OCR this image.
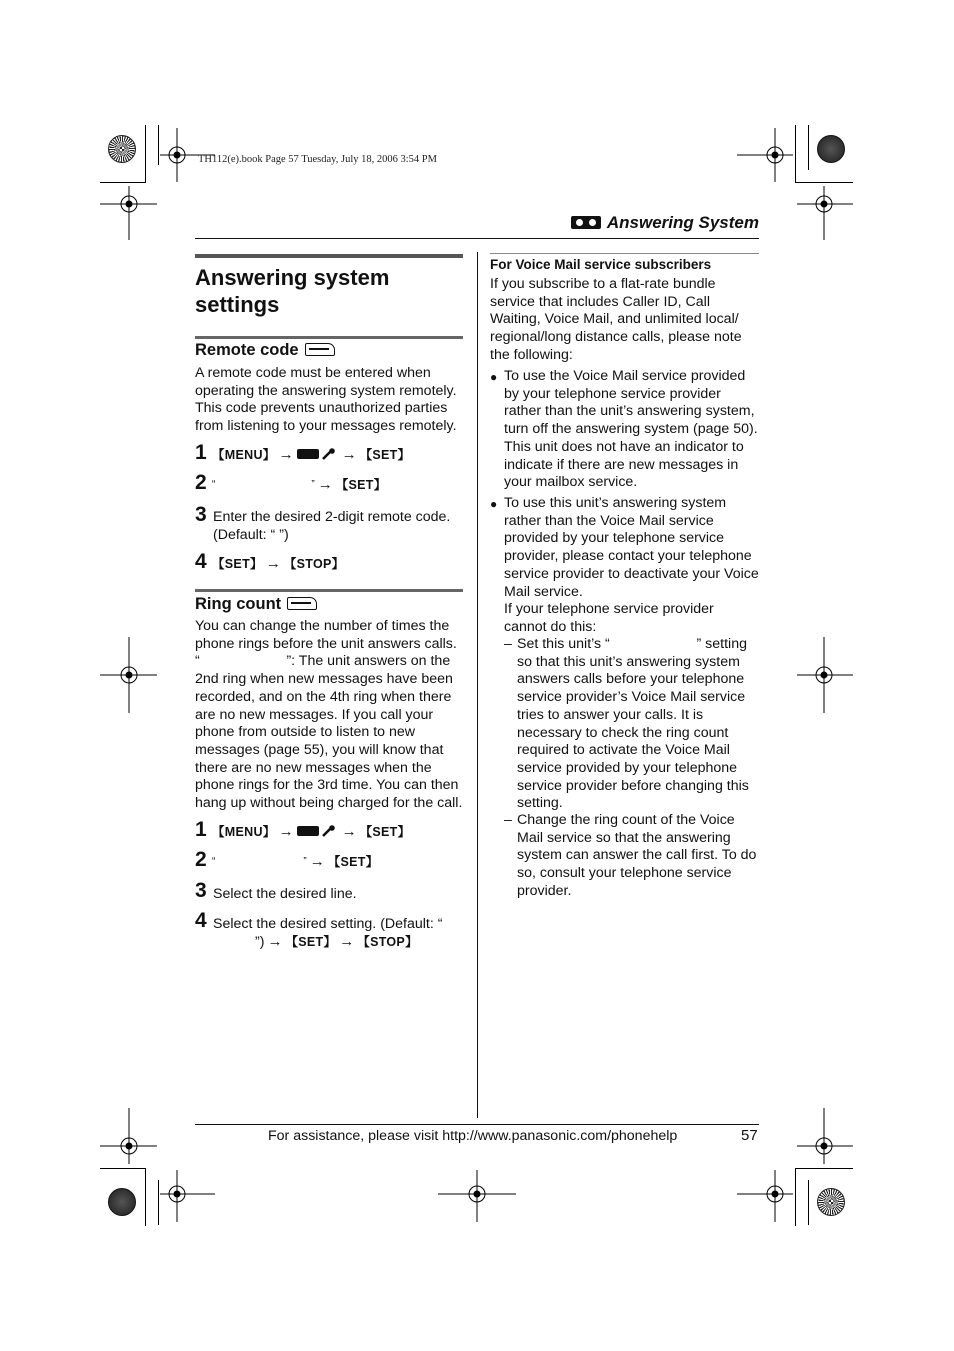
TH112(e).book Page 57 Tuesday, July 18, 2006 3:54 PM
Answering System
Answering system
settings
Remote code
A remote code must be entered when
operating the answering system remotely.
This code prevents unauthorized parties
from listening to your messages remotely.
1 【MENU】 →	→ 【SET】
2 “	” → 【SET】
3 Enter the desired 2-digit remote code.
(Default: “ ”)
4 【SET】 → 【STOP】
Ring count
You can change the number of times the
phone rings before the unit answers calls.
“                      ”: The unit answers on the
2nd ring when new messages have been
recorded, and on the 4th ring when there
are no new messages. If you call your
phone from outside to listen to new
messages (page 55), you will know that
there are no new messages when the
phone rings for the 3rd time. You can then
hang up without being charged for the call.
1 【MENU】 →	→ 【SET】
2 “	” → 【SET】
3 Select the desired line.
4 Select the desired setting. (Default: “
”) → 【SET】 → 【STOP】
For Voice Mail service subscribers
If you subscribe to a flat-rate bundle
service that includes Caller ID, Call
Waiting, Voice Mail, and unlimited local/
regional/long distance calls, please note
the following:
● To use the Voice Mail service provided
by your telephone service provider
rather than the unit’s answering system,
turn off the answering system (page 50).
This unit does not have an indicator to
indicate if there are new messages in
your mailbox service.
● To use this unit’s answering system
rather than the Voice Mail service
provided by your telephone service
provider, please contact your telephone
service provider to deactivate your Voice
Mail service.
If your telephone service provider
cannot do this:
– Set this unit’s “                      ” setting
so that this unit’s answering system
answers calls before your telephone
service provider’s Voice Mail service
tries to answer your calls. It is
necessary to check the ring count
required to activate the Voice Mail
service provided by your telephone
service provider before changing this
setting.
– Change the ring count of the Voice
Mail service so that the answering
system can answer the call first. To do
so, consult your telephone service
provider.
For assistance, please visit http://www.panasonic.com/phonehelp	57
